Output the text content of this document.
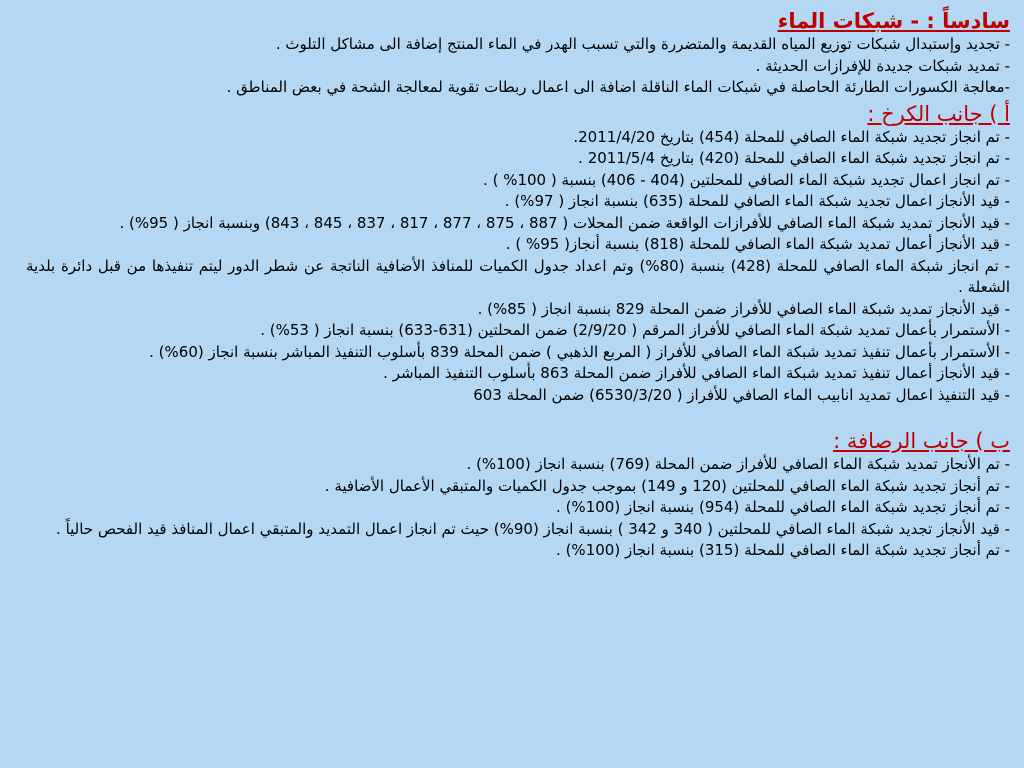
سادساً : - شبكات الماء

- تجديد وإستبدال شبكات توزيع المياه القديمة والمتضررة والتي تسبب الهدر في الماء المنتج إضافة الى مشاكل التلوث .

- تمديد شبكات جديدة للإفرازات الحديثة .

-معالجة الكسورات الطارئة الحاصلة في شبكات الماء الناقلة اضافة الى اعمال ربطات تقوية لمعالجة الشحة في بعض المناطق .

أ ) جانب الكرخ :

- تم انجاز تجديد شبكة الماء الصافي للمحلة (454) بتاريخ 2011/4/20.

- تم انجاز تجديد شبكة الماء الصافي للمحلة (420) بتاريخ 2011/5/4 .

- تم انجاز اعمال تجديد شبكة الماء الصافي للمحلتين (404 - 406) بنسبة ( 100% ) .

- قيد الأنجاز اعمال تجديد شبكة الماء الصافي للمحلة (635) بنسبة انجاز ( 97%) .

- قيد الأنجاز تمديد شبكة الماء الصافي للأفرازات الواقعة ضمن المحلات ( 887 ، 875 ، 877 ، 817 ، 837 ، 845 ، 843) وبنسبة انجاز ( 95%) .

- قيد الأنجاز أعمال تمديد شبكة الماء الصافي للمحلة (818) بنسبة أنجاز( 95% ) .

- تم انجاز شبكة الماء الصافي للمحلة (428) بنسبة (80%) وتم اعداد جدول الكميات للمنافذ الأضافية الناتجة عن شطر الدور ليتم تنفيذها من قبل دائرة بلدية الشعلة .

- قيد الأنجاز تمديد شبكة الماء الصافي للأفراز ضمن المحلة 829 بنسبة انجاز ( 85%) .

- الأستمرار بأعمال تمديد شبكة الماء الصافي للأفراز المرقم ( 2/9/20) ضمن المحلتين (631-633) بنسبة انجاز ( 53%) .

- الأستمرار بأعمال تنفيذ تمديد شبكة الماء الصافي للأفراز ( المربع الذهبي ) ضمن المحلة 839 بأسلوب التنفيذ المباشر بنسبة انجاز (60%) .

- قيد الأنجاز أعمال تنفيذ تمديد شبكة الماء الصافي للأفراز ضمن المحلة 863 بأسلوب التنفيذ المباشر .

- قيد التنفيذ اعمال تمديد انابيب الماء الصافي للأفراز ( 6530/3/20) ضمن المحلة 603

ب ) جانب الرصافة :

- تم الأنجاز تمديد شبكة الماء الصافي للأفراز ضمن المحلة (769) بنسبة انجاز (100%) .

- تم أنجاز تجديد شبكة الماء الصافي للمحلتين (120 و 149) بموجب جدول الكميات والمتبقي الأعمال الأضافية .

- تم أنجاز تجديد شبكة الماء الصافي للمحلة (954) بنسبة انجاز (100%) .

- قيد الأنجاز تجديد شبكة الماء الصافي للمحلتين ( 340 و 342 ) بنسبة انجاز (90%) حيث تم انجاز اعمال التمديد والمتبقي اعمال المنافذ قيد الفحص حالياً .

- تم أنجاز تجديد شبكة الماء الصافي للمحلة (315) بنسبة انجاز (100%) .
